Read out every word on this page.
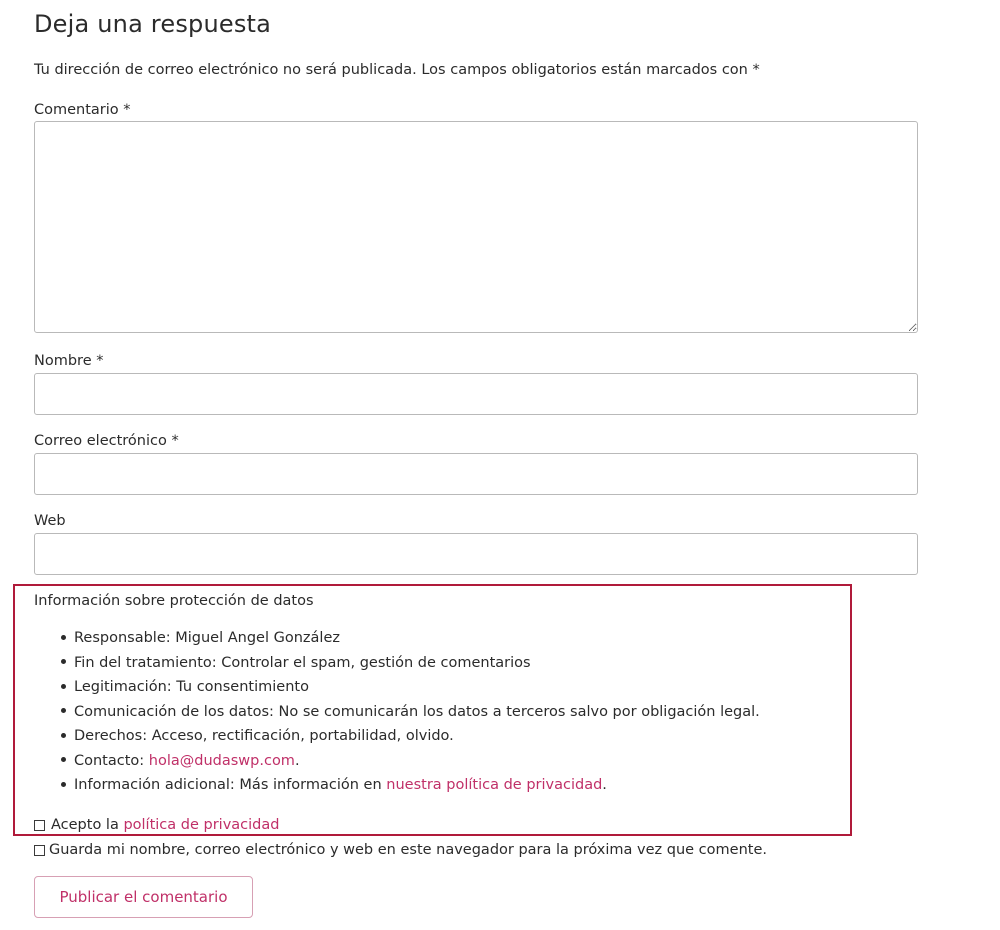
Deja una respuesta
Tu dirección de correo electrónico no será publicada. Los campos obligatorios están marcados con *
Comentario *
Nombre *
Correo electrónico *
Web
Información sobre protección de datos
Responsable: Miguel Angel González
Fin del tratamiento: Controlar el spam, gestión de comentarios
Legitimación: Tu consentimiento
Comunicación de los datos: No se comunicarán los datos a terceros salvo por obligación legal.
Derechos: Acceso, rectificación, portabilidad, olvido.
Contacto: hola@dudaswp.com.
Información adicional: Más información en nuestra política de privacidad.
Acepto la política de privacidad
Guarda mi nombre, correo electrónico y web en este navegador para la próxima vez que comente.
Publicar el comentario
